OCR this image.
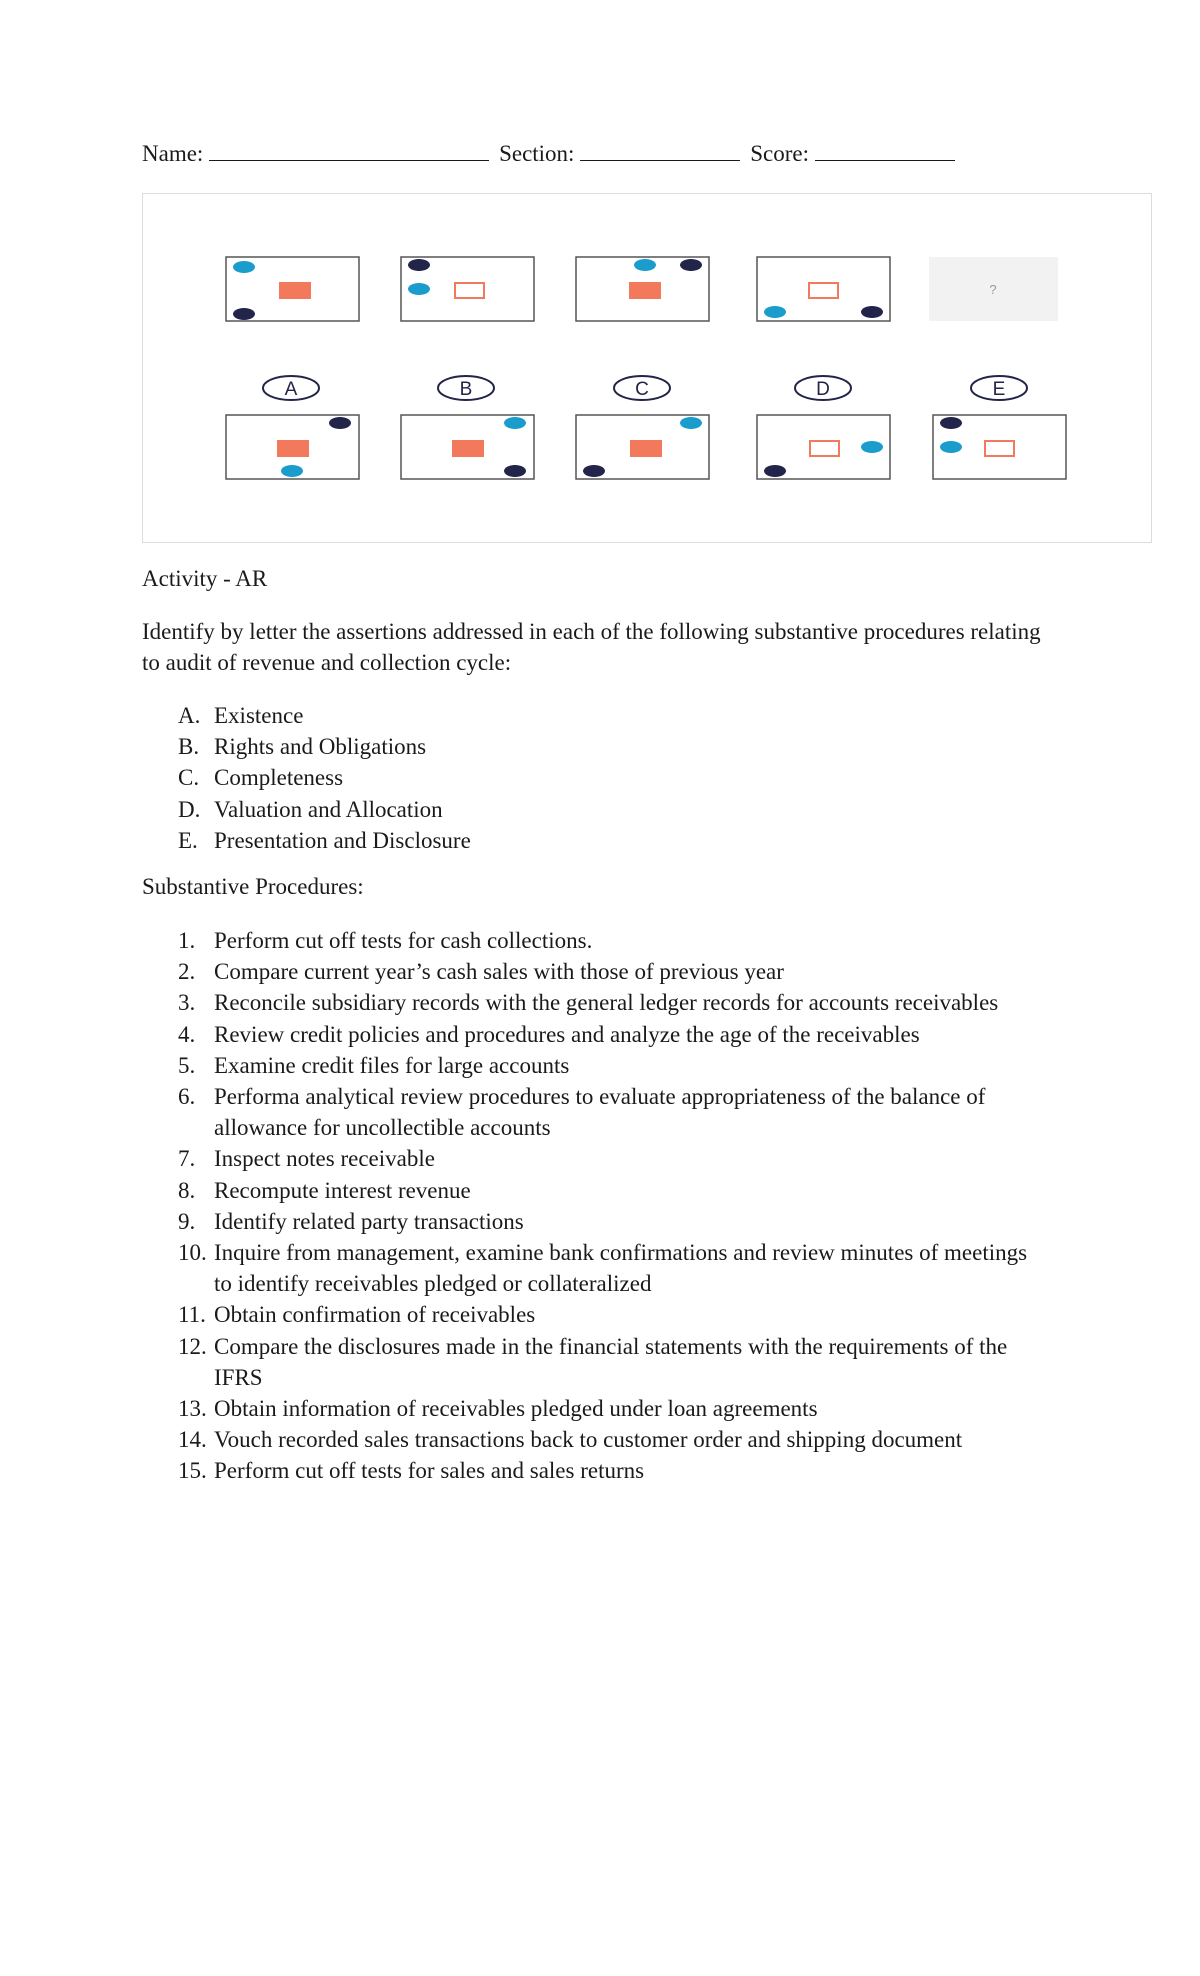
Name:	Section:	Score:
?
A	B	C	D	E
Activity - AR
Identify by letter the assertions addressed in each of the following substantive procedures relating to audit of revenue and collection cycle:
A. Existence
B. Rights and Obligations
C. Completeness
D. Valuation and Allocation
E. Presentation and Disclosure
Substantive Procedures:
1. Perform cut off tests for cash collections.
2. Compare current year’s cash sales with those of previous year
3. Reconcile subsidiary records with the general ledger records for accounts receivables
4. Review credit policies and procedures and analyze the age of the receivables
5. Examine credit files for large accounts
6. Performa analytical review procedures to evaluate appropriateness of the balance of allowance for uncollectible accounts
7. Inspect notes receivable
8. Recompute interest revenue
9. Identify related party transactions
10. Inquire from management, examine bank confirmations and review minutes of meetings to identify receivables pledged or collateralized
11. Obtain confirmation of receivables
12. Compare the disclosures made in the financial statements with the requirements of the IFRS
13. Obtain information of receivables pledged under loan agreements
14. Vouch recorded sales transactions back to customer order and shipping document
15. Perform cut off tests for sales and sales returns
